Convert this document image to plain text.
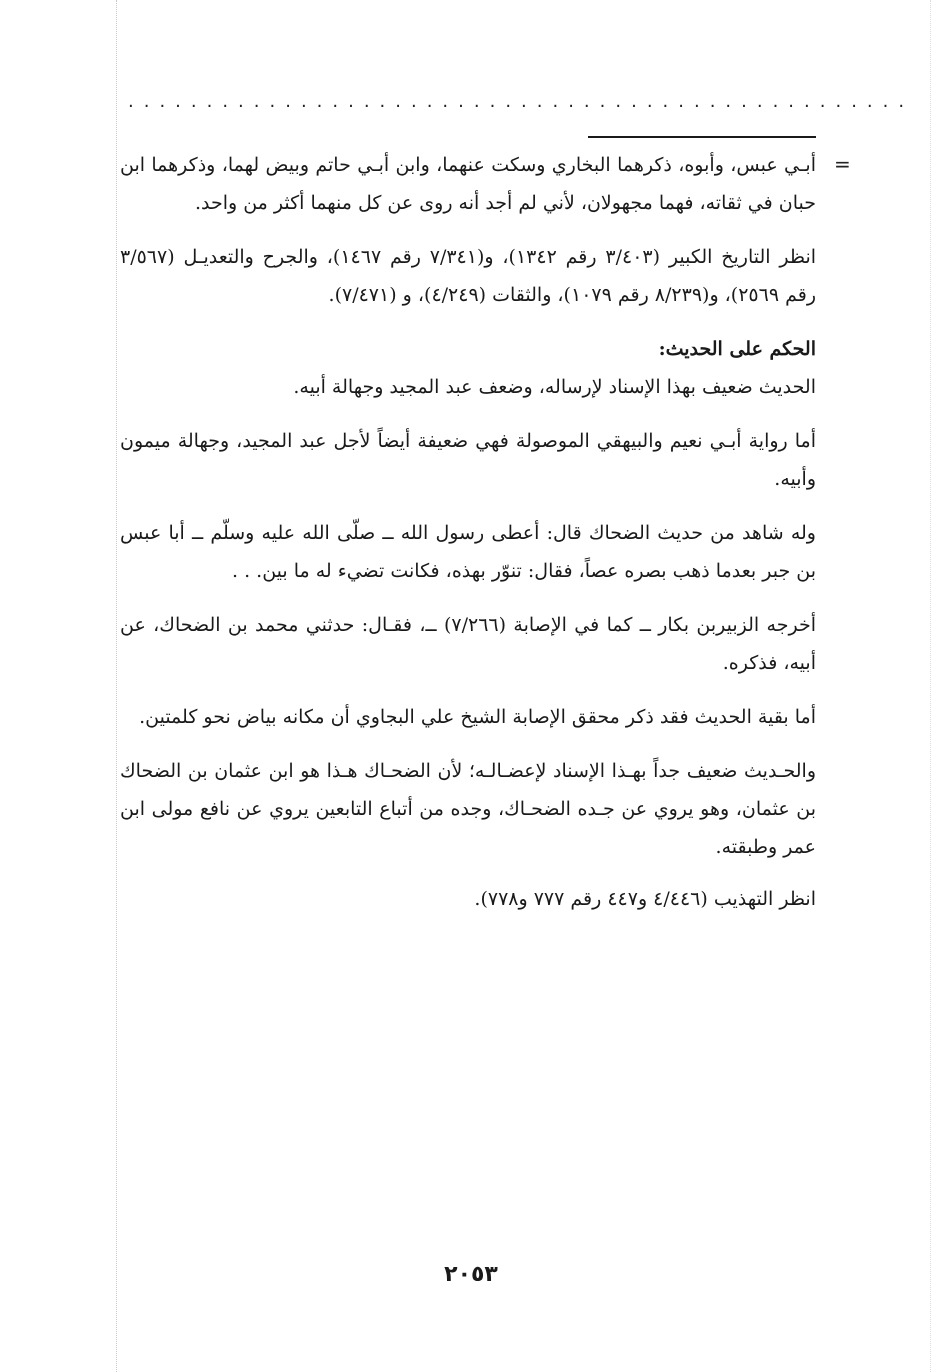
..................................................
=

أبـي عبس، وأبوه، ذكرهما البخاري وسكت عنهما، وابن أبـي حاتم وبيض لهما، وذكرهما ابن حبان في ثقاته، فهما مجهولان، لأني لم أجد أنه روى عن كل منهما أكثر من واحد.

انظر التاريخ الكبير (٣/٤٠٣ رقم ١٣٤٢)، و(٧/٣٤١ رقم ١٤٦٧)، والجرح والتعديـل (٣/٥٦٧ رقم ٢٥٦٩)، و(٨/٢٣٩ رقم ١٠٧٩)، والثقات (٤/٢٤٩)، و (٧/٤٧١).

الحكم على الحديث:

الحديث ضعيف بهذا الإسناد لإرساله، وضعف عبد المجيد وجهالة أبيه.

أما رواية أبـي نعيم والبيهقي الموصولة فهي ضعيفة أيضاً لأجل عبد المجيد، وجهالة ميمون وأبيه.

وله شاهد من حديث الضحاك قال: أعطى رسول الله ــ صلّى الله عليه وسلّم ــ أبا عبس بن جبر بعدما ذهب بصره عصاً، فقال: تنوّر بهذه، فكانت تضيء له ما بين. . .

أخرجه الزبيربن بكار ــ كما في الإصابة (٧/٢٦٦) ــ، فقـال: حدثني محمد بن الضحاك، عن أبيه، فذكره.

أما بقية الحديث فقد ذكر محقق الإصابة الشيخ علي البجاوي أن مكانه بياض نحو كلمتين.

والحـديث ضعيف جداً بهـذا الإسناد لإعضـالـه؛ لأن الضحـاك هـذا هو ابن عثمان بن الضحاك بن عثمان، وهو يروي عن جـده الضحـاك، وجده من أتباع التابعين يروي عن نافع مولى ابن عمر وطبقته.

انظر التهذيب (٤/٤٤٦ و٤٤٧ رقم ٧٧٧ و٧٧٨).

٢٠٥٣
